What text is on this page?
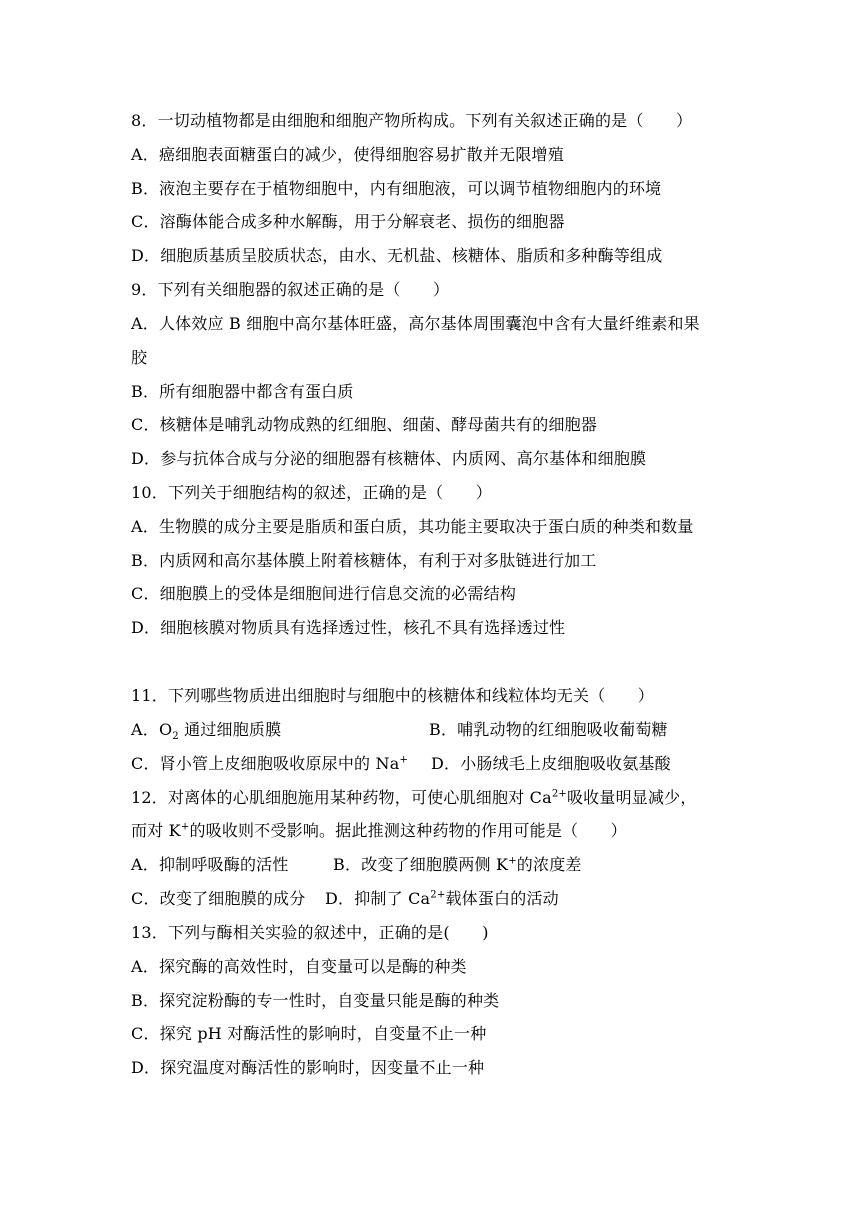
8．一切动植物都是由细胞和细胞产物所构成。下列有关叙述正确的是（　　）
A．癌细胞表面糖蛋白的减少，使得细胞容易扩散并无限增殖
B．液泡主要存在于植物细胞中，内有细胞液，可以调节植物细胞内的环境
C．溶酶体能合成多种水解酶，用于分解衰老、损伤的细胞器
D．细胞质基质呈胶质状态，由水、无机盐、核糖体、脂质和多种酶等组成
9．下列有关细胞器的叙述正确的是（　　）
A．人体效应 B 细胞中高尔基体旺盛，高尔基体周围囊泡中含有大量纤维素和果
胶
B．所有细胞器中都含有蛋白质
C．核糖体是哺乳动物成熟的红细胞、细菌、酵母菌共有的细胞器
D．参与抗体合成与分泌的细胞器有核糖体、内质网、高尔基体和细胞膜
10．下列关于细胞结构的叙述，正确的是（　　）
A．生物膜的成分主要是脂质和蛋白质，其功能主要取决于蛋白质的种类和数量
B．内质网和高尔基体膜上附着核糖体，有利于对多肽链进行加工
C．细胞膜上的受体是细胞间进行信息交流的必需结构
D．细胞核膜对物质具有选择透过性，核孔不具有选择透过性
11．下列哪些物质进出细胞时与细胞中的核糖体和线粒体均无关（　　）
A．$O_2$ 通过细胞质膜	B．哺乳动物的红细胞吸收葡萄糖
C．肾小管上皮细胞吸收原尿中的 Na+ D．小肠绒毛上皮细胞吸收氨基酸
12．对离体的心肌细胞施用某种药物，可使心肌细胞对 $Ca^{2+}$吸收量明显减少，
而对 K+的吸收则不受影响。据此推测这种药物的作用可能是（　　）
A．抑制呼吸酶的活性	B．改变了细胞膜两侧 K+的浓度差
C．改变了细胞膜的成分 D．抑制了 $Ca^{2+}$载体蛋白的活动
13．下列与酶相关实验的叙述中，正确的是(　　)
A．探究酶的高效性时，自变量可以是酶的种类
B．探究淀粉酶的专一性时，自变量只能是酶的种类
C．探究 pH 对酶活性的影响时，自变量不止一种
D．探究温度对酶活性的影响时，因变量不止一种
